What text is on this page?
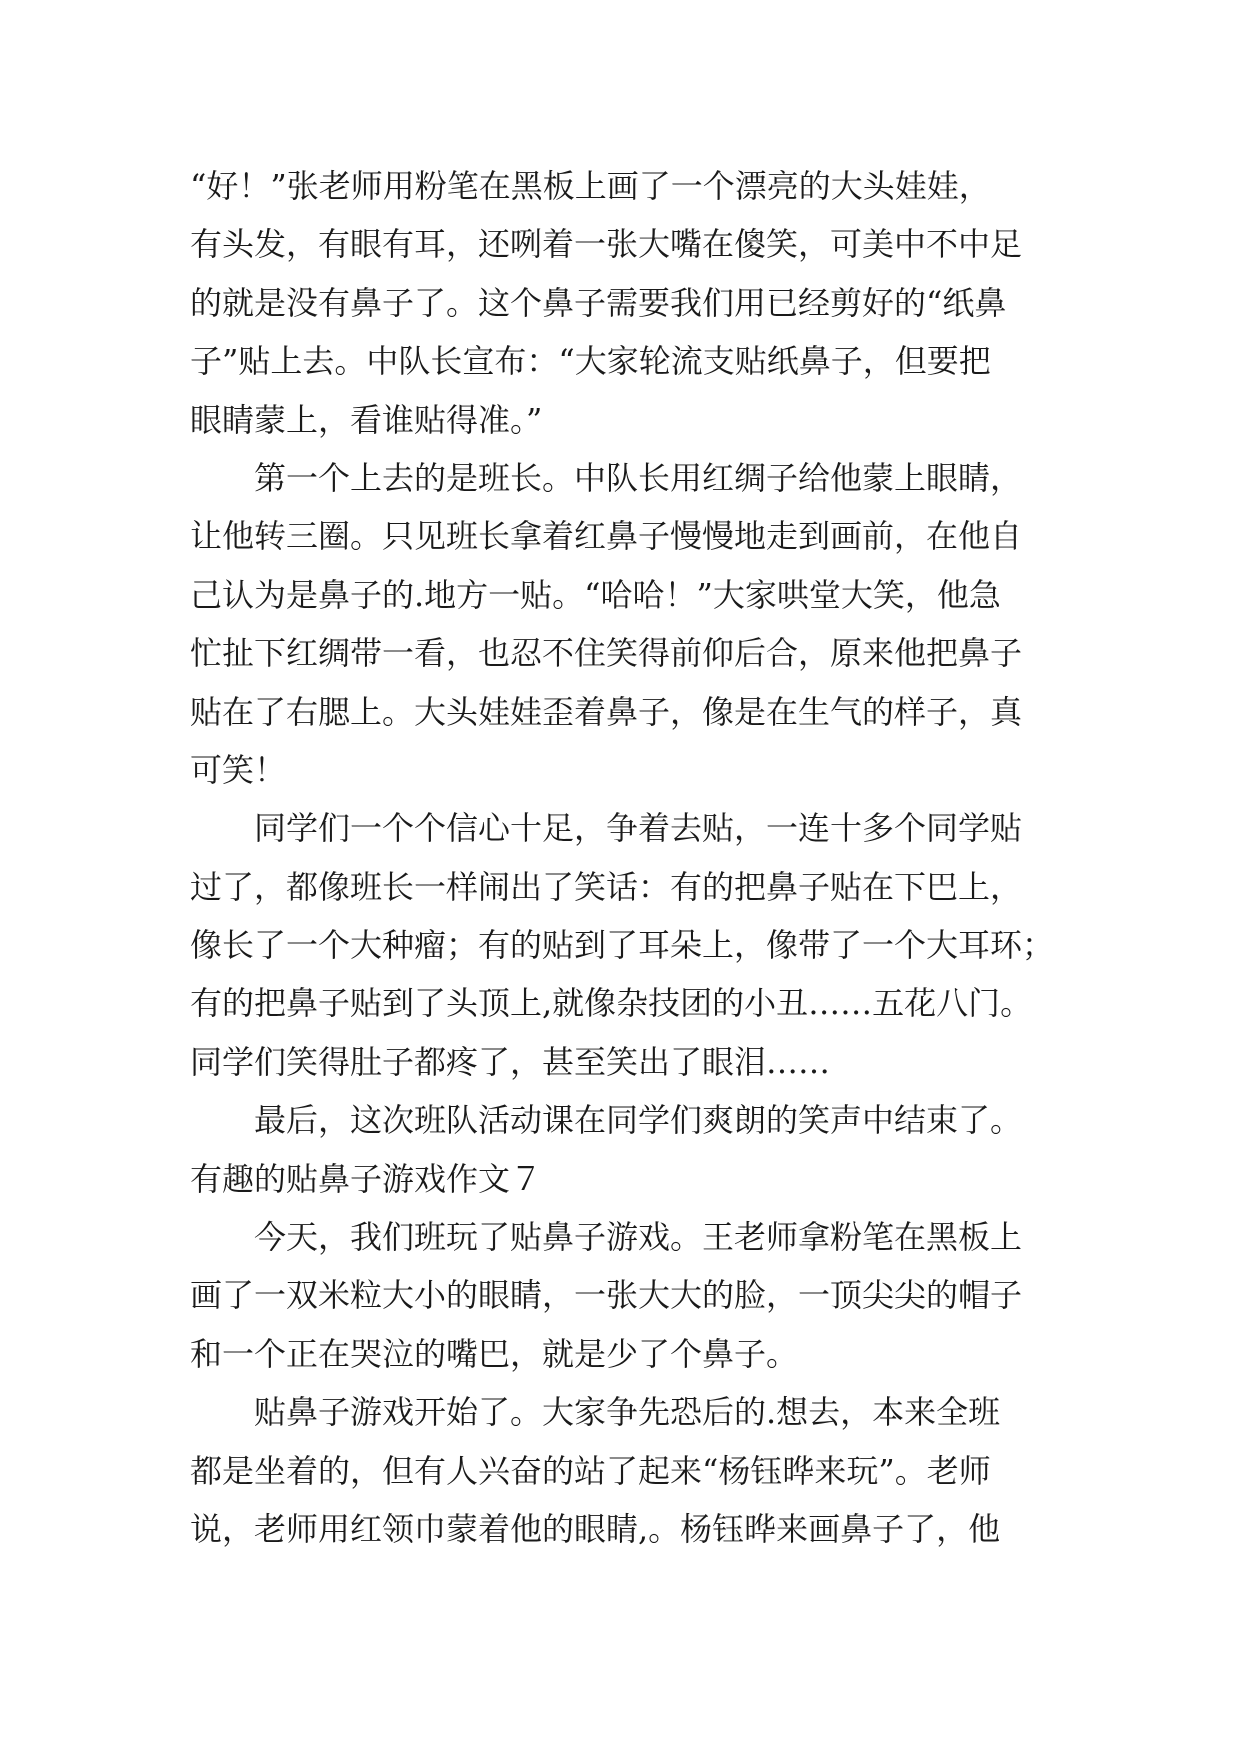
“好！”张老师用粉笔在黑板上画了一个漂亮的大头娃娃，
有头发，有眼有耳，还咧着一张大嘴在傻笑，可美中不中足
的就是没有鼻子了。这个鼻子需要我们用已经剪好的“纸鼻
子”贴上去。中队长宣布：“大家轮流支贴纸鼻子，但要把
眼睛蒙上，看谁贴得准。”
　　第一个上去的是班长。中队长用红绸子给他蒙上眼睛，
让他转三圈。只见班长拿着红鼻子慢慢地走到画前，在他自
己认为是鼻子的.地方一贴。“哈哈！”大家哄堂大笑，他急
忙扯下红绸带一看，也忍不住笑得前仰后合，原来他把鼻子
贴在了右腮上。大头娃娃歪着鼻子，像是在生气的样子，真
可笑！
　　同学们一个个信心十足，争着去贴，一连十多个同学贴
过了，都像班长一样闹出了笑话：有的把鼻子贴在下巴上，
像长了一个大种瘤；有的贴到了耳朵上，像带了一个大耳环；
有的把鼻子贴到了头顶上,就像杂技团的小丑……五花八门。
同学们笑得肚子都疼了，甚至笑出了眼泪……
　　最后，这次班队活动课在同学们爽朗的笑声中结束了。
有趣的贴鼻子游戏作文７
　　今天，我们班玩了贴鼻子游戏。王老师拿粉笔在黑板上
画了一双米粒大小的眼睛，一张大大的脸，一顶尖尖的帽子
和一个正在哭泣的嘴巴，就是少了个鼻子。
　　贴鼻子游戏开始了。大家争先恐后的.想去，本来全班
都是坐着的，但有人兴奋的站了起来“杨钰晔来玩”。老师
说，老师用红领巾蒙着他的眼睛,。杨钰晔来画鼻子了，他
